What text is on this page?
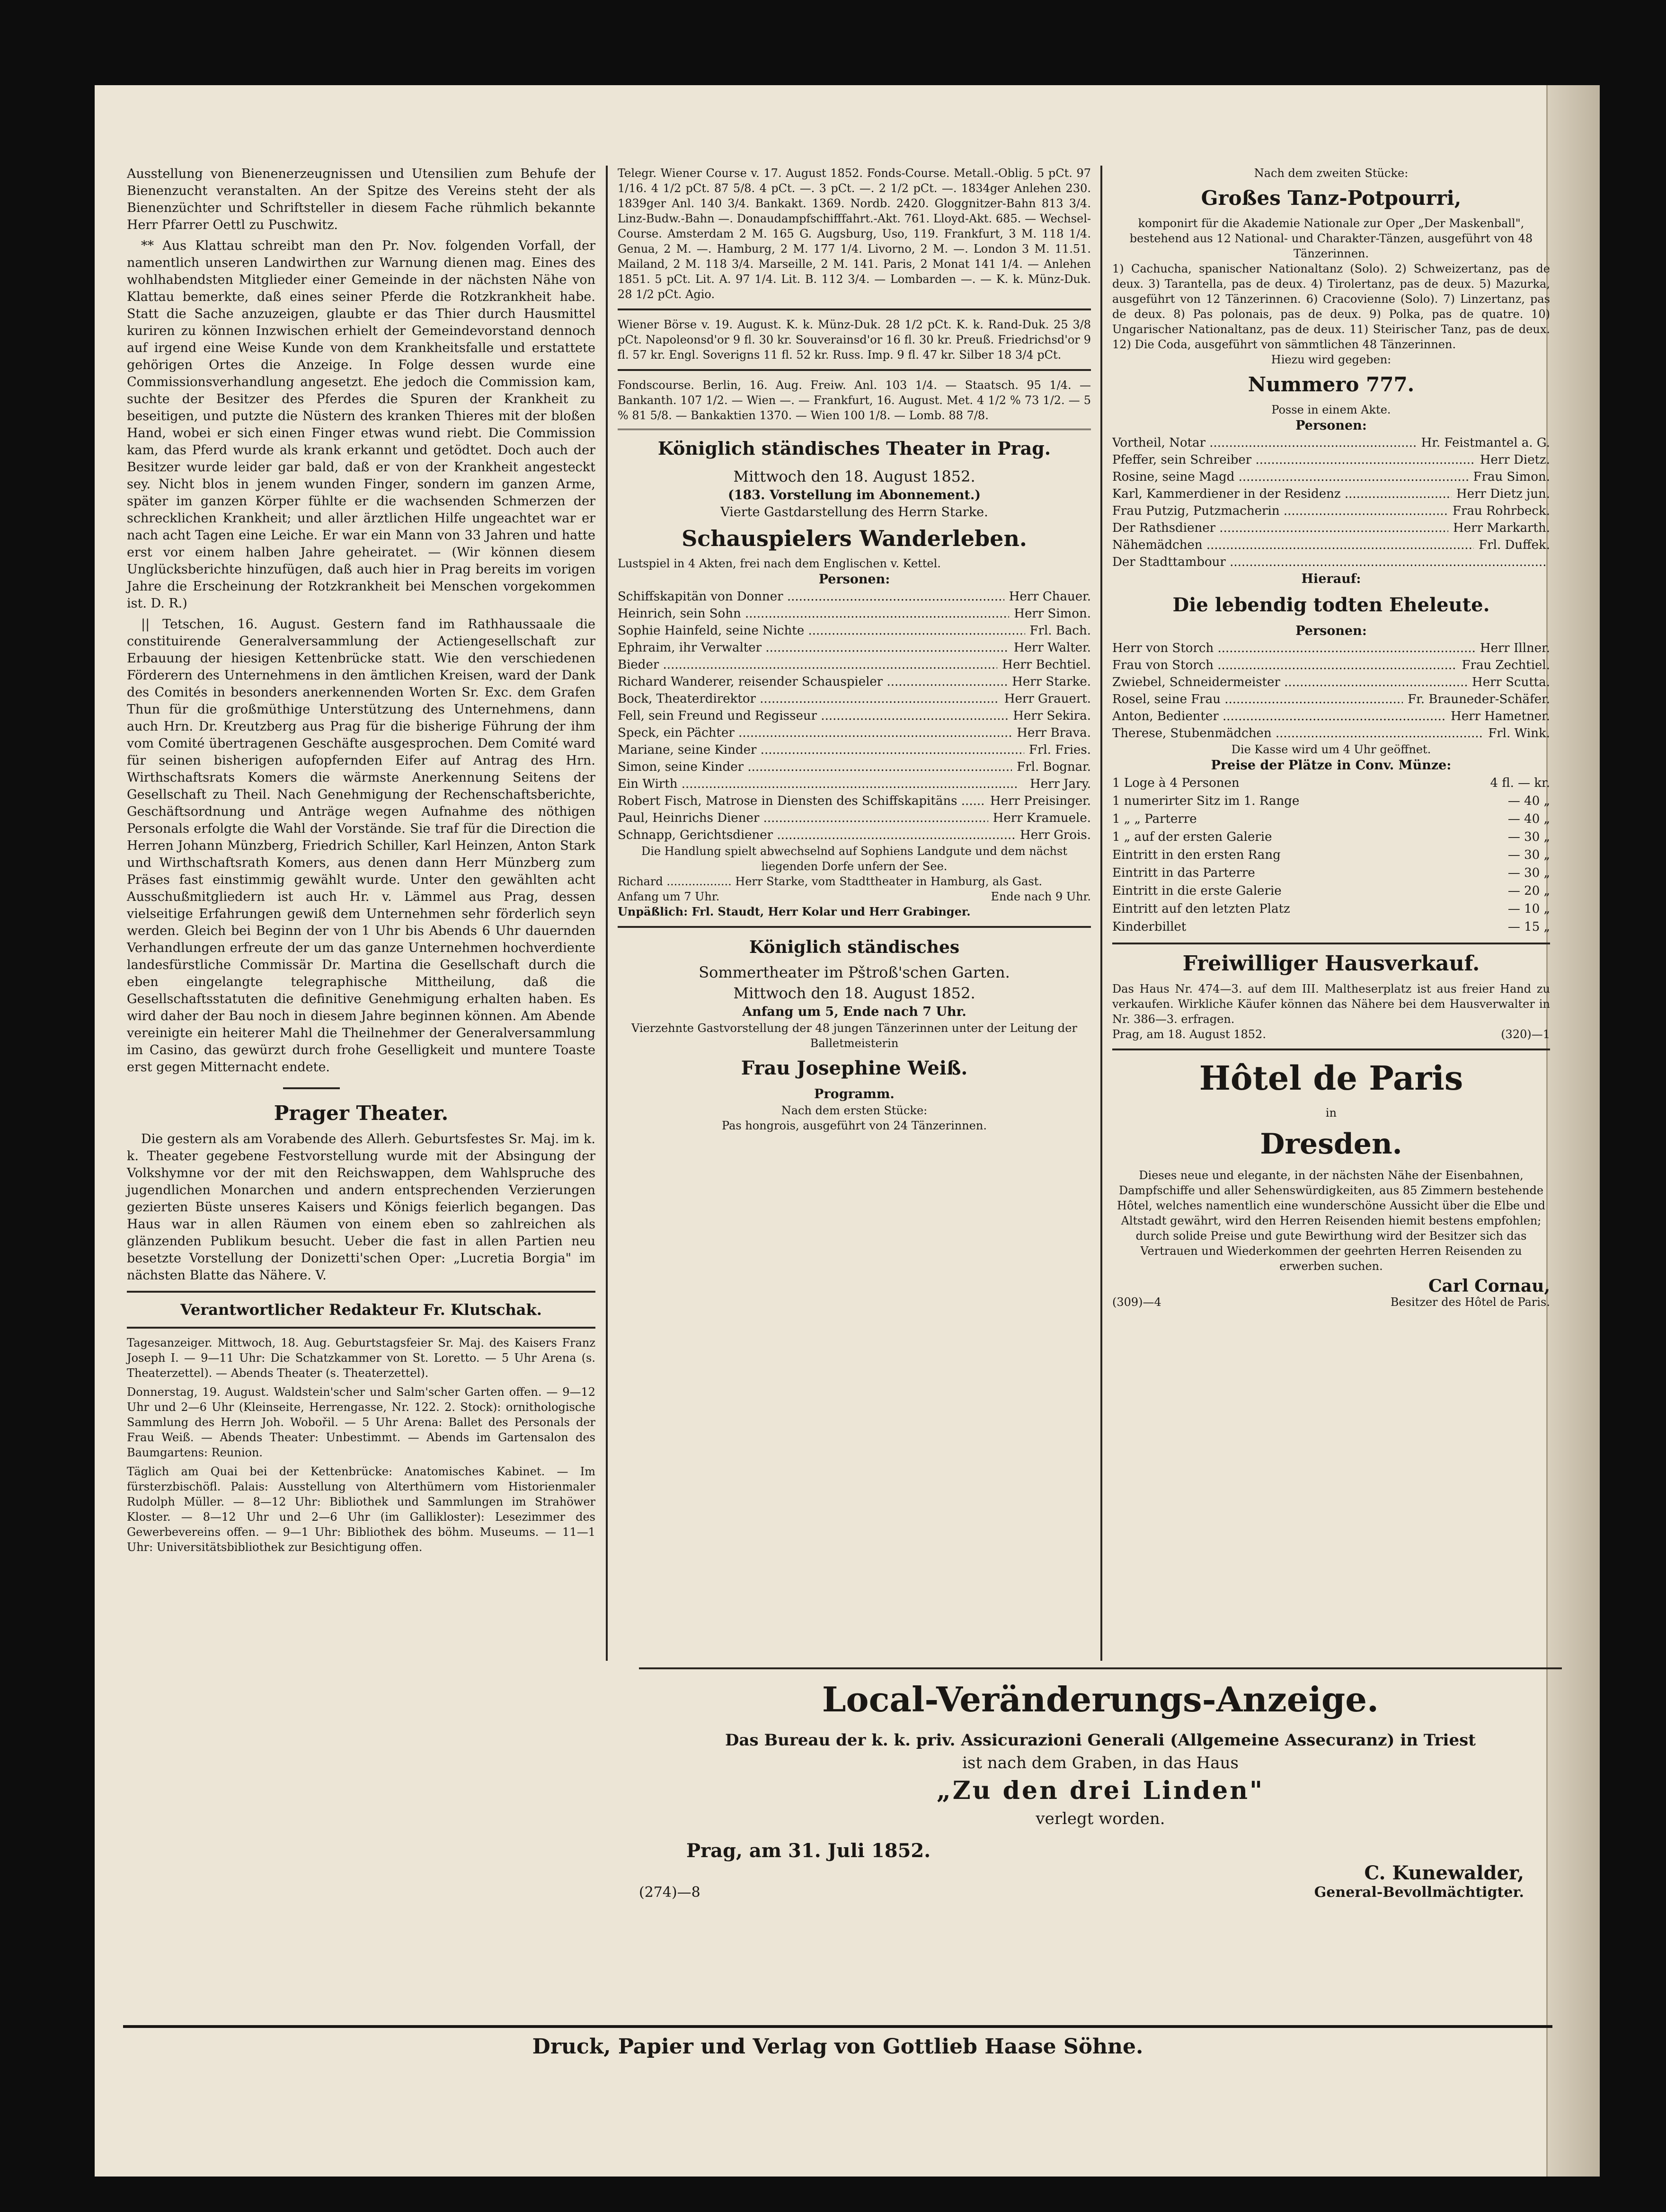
Ausstellung von Bienenerzeugnissen und Utensilien zum Behufe der Bienenzucht veranstalten. An der Spitze des Vereins steht der als Bienenzüchter und Schriftsteller in diesem Fache rühmlich bekannte Herr Pfarrer Oettl zu Puschwitz.

** Aus Klattau schreibt man den Pr. Nov. folgenden Vorfall, der namentlich unseren Landwirthen zur Warnung dienen mag. Eines des wohlhabendsten Mitglieder einer Gemeinde in der nächsten Nähe von Klattau bemerkte, daß eines seiner Pferde die Rotzkrankheit habe. Statt die Sache anzuzeigen, glaubte er das Thier durch Hausmittel kuriren zu können Inzwischen erhielt der Gemeindevorstand dennoch auf irgend eine Weise Kunde von dem Krankheitsfalle und erstattete gehörigen Ortes die Anzeige. In Folge dessen wurde eine Commissionsverhandlung angesetzt. Ehe jedoch die Commission kam, suchte der Besitzer des Pferdes die Spuren der Krankheit zu beseitigen, und putzte die Nüstern des kranken Thieres mit der bloßen Hand, wobei er sich einen Finger etwas wund riebt. Die Commission kam, das Pferd wurde als krank erkannt und getödtet. Doch auch der Besitzer wurde leider gar bald, daß er von der Krankheit angesteckt sey. Nicht blos in jenem wunden Finger, sondern im ganzen Arme, später im ganzen Körper fühlte er die wachsenden Schmerzen der schrecklichen Krankheit; und aller ärztlichen Hilfe ungeachtet war er nach acht Tagen eine Leiche. Er war ein Mann von 33 Jahren und hatte erst vor einem halben Jahre geheiratet. — (Wir können diesem Unglücksberichte hinzufügen, daß auch hier in Prag bereits im vorigen Jahre die Erscheinung der Rotzkrankheit bei Menschen vorgekommen ist. D. R.)

|| Tetschen, 16. August. Gestern fand im Rathhaussaale die constituirende Generalversammlung der Actiengesellschaft zur Erbauung der hiesigen Kettenbrücke statt. Wie den verschiedenen Förderern des Unternehmens in den ämtlichen Kreisen, ward der Dank des Comités in besonders anerkennenden Worten Sr. Exc. dem Grafen Thun für die großmüthige Unterstützung des Unternehmens, dann auch Hrn. Dr. Kreutzberg aus Prag für die bisherige Führung der ihm vom Comité übertragenen Geschäfte ausgesprochen. Dem Comité ward für seinen bisherigen aufopfernden Eifer auf Antrag des Hrn. Wirthschaftsrats Komers die wärmste Anerkennung Seitens der Gesellschaft zu Theil. Nach Genehmigung der Rechenschaftsberichte, Geschäftsordnung und Anträge wegen Aufnahme des nöthigen Personals erfolgte die Wahl der Vorstände. Sie traf für die Direction die Herren Johann Münzberg, Friedrich Schiller, Karl Heinzen, Anton Stark und Wirthschaftsrath Komers, aus denen dann Herr Münzberg zum Präses fast einstimmig gewählt wurde. Unter den gewählten acht Ausschußmitgliedern ist auch Hr. v. Lämmel aus Prag, dessen vielseitige Erfahrungen gewiß dem Unternehmen sehr förderlich seyn werden. Gleich bei Beginn der von 1 Uhr bis Abends 6 Uhr dauernden Verhandlungen erfreute der um das ganze Unternehmen hochverdiente landesfürstliche Commissär Dr. Martina die Gesellschaft durch die eben eingelangte telegraphische Mittheilung, daß die Gesellschaftsstatuten die definitive Genehmigung erhalten haben. Es wird daher der Bau noch in diesem Jahre beginnen können. Am Abende vereinigte ein heiterer Mahl die Theilnehmer der Generalversammlung im Casino, das gewürzt durch frohe Geselligkeit und muntere Toaste erst gegen Mitternacht endete.

Prager Theater.

Die gestern als am Vorabende des Allerh. Geburtsfestes Sr. Maj. im k. k. Theater gegebene Festvorstellung wurde mit der Absingung der Volkshymne vor der mit den Reichswappen, dem Wahlspruche des jugendlichen Monarchen und andern entsprechenden Verzierungen gezierten Büste unseres Kaisers und Königs feierlich begangen. Das Haus war in allen Räumen von einem eben so zahlreichen als glänzenden Publikum besucht. Ueber die fast in allen Partien neu besetzte Vorstellung der Donizetti'schen Oper: „Lucretia Borgia" im nächsten Blatte das Nähere. V.

Verantwortlicher Redakteur Fr. Klutschak.

Tagesanzeiger. Mittwoch, 18. Aug. Geburtstagsfeier Sr. Maj. des Kaisers Franz Joseph I. — 9—11 Uhr: Die Schatzkammer von St. Loretto. — 5 Uhr Arena (s. Theaterzettel). — Abends Theater (s. Theaterzettel).

Donnerstag, 19. August. Waldstein'scher und Salm'scher Garten offen. — 9—12 Uhr und 2—6 Uhr (Kleinseite, Herrengasse, Nr. 122. 2. Stock): ornithologische Sammlung des Herrn Joh. Wobořil. — 5 Uhr Arena: Ballet des Personals der Frau Weiß. — Abends Theater: Unbestimmt. — Abends im Gartensalon des Baumgartens: Reunion.

Täglich am Quai bei der Kettenbrücke: Anatomisches Kabinet. — Im fürsterzbischöfl. Palais: Ausstellung von Alterthümern vom Historienmaler Rudolph Müller. — 8—12 Uhr: Bibliothek und Sammlungen im Strahöwer Kloster. — 8—12 Uhr und 2—6 Uhr (im Gallikloster): Lesezimmer des Gewerbevereins offen. — 9—1 Uhr: Bibliothek des böhm. Museums. — 11—1 Uhr: Universitätsbibliothek zur Besichtigung offen.

Telegr. Wiener Course v. 17. August 1852. Fonds-Course. Metall.-Oblig. 5 pCt. 97 1/16. 4 1/2 pCt. 87 5/8. 4 pCt. —. 3 pCt. —. 2 1/2 pCt. —. 1834ger Anlehen 230. 1839ger Anl. 140 3/4. Bankakt. 1369. Nordb. 2420. Gloggnitzer-Bahn 813 3/4. Linz-Budw.-Bahn —. Donaudampfschifffahrt.-Akt. 761. Lloyd-Akt. 685. — Wechsel-Course. Amsterdam 2 M. 165 G. Augsburg, Uso, 119. Frankfurt, 3 M. 118 1/4. Genua, 2 M. —. Hamburg, 2 M. 177 1/4. Livorno, 2 M. —. London 3 M. 11.51. Mailand, 2 M. 118 3/4. Marseille, 2 M. 141. Paris, 2 Monat 141 1/4. — Anlehen 1851. 5 pCt. Lit. A. 97 1/4. Lit. B. 112 3/4. — Lombarden —. — K. k. Münz-Duk. 28 1/2 pCt. Agio.

Wiener Börse v. 19. August. K. k. Münz-Duk. 28 1/2 pCt. K. k. Rand-Duk. 25 3/8 pCt. Napoleonsd'or 9 fl. 30 kr. Souverainsd'or 16 fl. 30 kr. Preuß. Friedrichsd'or 9 fl. 57 kr. Engl. Soverigns 11 fl. 52 kr. Russ. Imp. 9 fl. 47 kr. Silber 18 3/4 pCt.

Fondscourse. Berlin, 16. Aug. Freiw. Anl. 103 1/4. — Staatsch. 95 1/4. — Bankanth. 107 1/2. — Wien —. — Frankfurt, 16. August. Met. 4 1/2 % 73 1/2. — 5 % 81 5/8. — Bankaktien 1370. — Wien 100 1/8. — Lomb. 88 7/8.

Königlich ständisches Theater in Prag.
Mittwoch den 18. August 1852.
(183. Vorstellung im Abonnement.)
Vierte Gastdarstellung des Herrn Starke.
Schauspielers Wanderleben.
Lustspiel in 4 Akten, frei nach dem Englischen v. Kettel.
Personen:
Schiffskapitän von Donner .....	Herr Chauer.
Heinrich, sein Sohn .....	Herr Simon.
Sophie Hainfeld, seine Nichte .....	Frl. Bach.
Ephraim, ihr Verwalter .....	Herr Walter.
Bieder .....	Herr Bechtiel.
Richard Wanderer, reisender Schauspieler .....	Herr Starke.
Bock, Theaterdirektor .....	Herr Grauert.
Fell, sein Freund und Regisseur .....	Herr Sekira.
Speck, ein Pächter .....	Herr Brava.
Mariane, seine Kinder .....	Frl. Fries.
Simon, seine Kinder .....	Frl. Bognar.
Ein Wirth .....	Herr Jary.
Robert Fisch, Matrose in Diensten des Schiffskapitäns .....	Herr Preisinger.
Paul, Heinrichs Diener .....	Herr Kramuele.
Schnapp, Gerichtsdiener .....	Herr Grois.
Die Handlung spielt abwechselnd auf Sophiens Landgute und dem nächst liegenden Dorfe unfern der See.
Richard .................. Herr Starke, vom Stadttheater in Hamburg, als Gast.
Anfang um 7 Uhr.	Ende nach 9 Uhr.
Unpäßlich: Frl. Staudt, Herr Kolar und Herr Grabinger.
Königlich ständisches
Sommertheater im Pštroß'schen Garten.
Mittwoch den 18. August 1852.
Anfang um 5, Ende nach 7 Uhr.
Vierzehnte Gastvorstellung der 48 jungen Tänzerinnen unter der Leitung der Balletmeisterin
Frau Josephine Weiß.
Programm.
Nach dem ersten Stücke:
Pas hongrois, ausgeführt von 24 Tänzerinnen.
Nach dem zweiten Stücke:
Großes Tanz-Potpourri,
komponirt für die Akademie Nationale zur Oper „Der Maskenball", bestehend aus 12 National- und Charakter-Tänzen, ausgeführt von 48 Tänzerinnen.
1) Cachucha, spanischer Nationaltanz (Solo). 2) Schweizertanz, pas de deux. 3) Tarantella, pas de deux. 4) Tirolertanz, pas de deux. 5) Mazurka, ausgeführt von 12 Tänzerinnen. 6) Cracovienne (Solo). 7) Linzertanz, pas de deux. 8) Pas polonais, pas de deux. 9) Polka, pas de quatre. 10) Ungarischer Nationaltanz, pas de deux. 11) Steirischer Tanz, pas de deux. 12) Die Coda, ausgeführt von sämmtlichen 48 Tänzerinnen.
Hiezu wird gegeben:
Nummero 777.
Posse in einem Akte.
Personen:
Vortheil, Notar .....	Hr. Feistmantel a. G.
Pfeffer, sein Schreiber .....	Herr Dietz.
Rosine, seine Magd .....	Frau Simon.
Karl, Kammerdiener in der Residenz .....	Herr Dietz jun.
Frau Putzig, Putzmacherin .....	Frau Rohrbeck.
Der Rathsdiener .....	Herr Markarth.
Nähemädchen .....	Frl. Duffek.
Der Stadttambour .....
Hierauf:
Die lebendig todten Eheleute.
Personen:
Herr von Storch .....	Herr Illner.
Frau von Storch .....	Frau Zechtiel.
Zwiebel, Schneidermeister .....	Herr Scutta.
Rosel, seine Frau .....	Fr. Brauneder-Schäfer.
Anton, Bedienter .....	Herr Hametner.
Therese, Stubenmädchen .....	Frl. Wink.
Die Kasse wird um 4 Uhr geöffnet.
Preise der Plätze in Conv. Münze:
1 Loge à 4 Personen	4 fl. — kr.
1 numerirter Sitz im 1. Range	— 40 „
1 „ „ Parterre	— 40 „
1 „ auf der ersten Galerie	— 30 „
Eintritt in den ersten Rang	— 30 „
Eintritt in das Parterre	— 30 „
Eintritt in die erste Galerie	— 20 „
Eintritt auf den letzten Platz	— 10 „
Kinderbillet	— 15 „
Freiwilliger Hausverkauf.
Das Haus Nr. 474—3. auf dem III. Maltheserplatz ist aus freier Hand zu verkaufen. Wirkliche Käufer können das Nähere bei dem Hausverwalter in Nr. 386—3. erfragen.
Prag, am 18. August 1852.	(320)—1
Hôtel de Paris
in
Dresden.
Dieses neue und elegante, in der nächsten Nähe der Eisenbahnen, Dampfschiffe und aller Sehenswürdigkeiten, aus 85 Zimmern bestehende Hôtel, welches namentlich eine wunderschöne Aussicht über die Elbe und Altstadt gewährt, wird den Herren Reisenden hiemit bestens empfohlen; durch solide Preise und gute Bewirthung wird der Besitzer sich das Vertrauen und Wiederkommen der geehrten Herren Reisenden zu erwerben suchen.
Carl Cornau,
(309)—4	Besitzer des Hôtel de Paris.
Local-Veränderungs-Anzeige.
Das Bureau der k. k. priv. Assicurazioni Generali (Allgemeine Assecuranz) in Triest
ist nach dem Graben, in das Haus
„Zu den drei Linden"
verlegt worden.
Prag, am 31. Juli 1852.
C. Kunewalder,
(274)—8	General-Bevollmächtigter.
Druck, Papier und Verlag von Gottlieb Haase Söhne.
